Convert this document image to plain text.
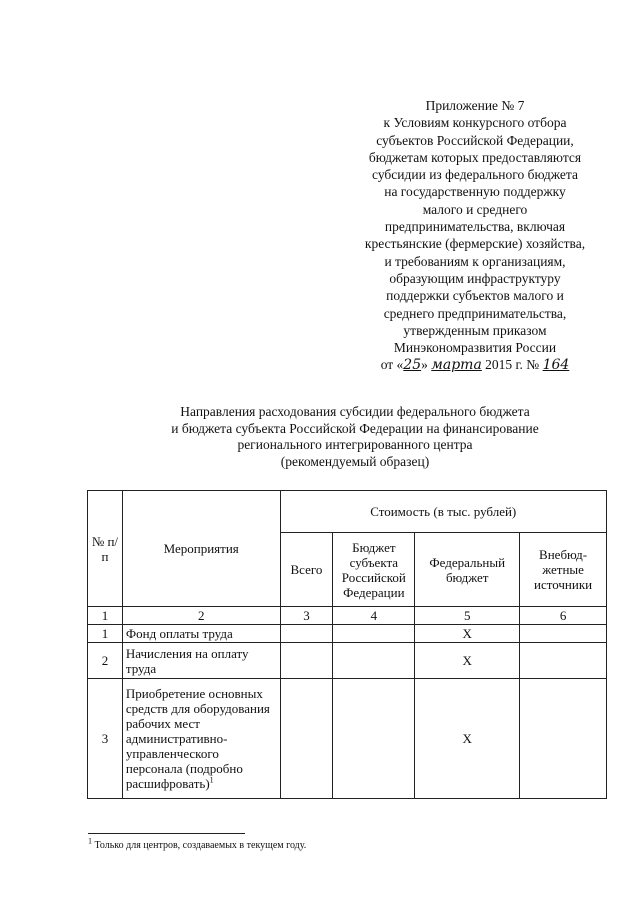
Приложение № 7
к Условиям конкурсного отбора
субъектов Российской Федерации,
бюджетам которых предоставляются
субсидии из федерального бюджета
на государственную поддержку
малого и среднего
предпринимательства, включая
крестьянские (фермерские) хозяйства,
и требованиям к организациям,
образующим инфраструктуру
поддержки субъектов малого и
среднего предпринимательства,
утвержденным приказом
Минэкономразвития России
от «25» марта 2015 г. № 164
Направления расходования субсидии федерального бюджета
и бюджета субъекта Российской Федерации на финансирование
регионального интегрированного центра
(рекомендуемый образец)
№ п/п	Мероприятия	Стоимость (в тыс. рублей)			
		Всего	Бюджет субъекта Российской Федерации	Федеральный бюджет	Внебюд-жетные источники
1	2	3	4	5	6
1	Фонд оплаты труда			X	
2	Начисления на оплату труда			X	
3	Приобретение основных средств для оборудования рабочих мест административно-управленческого персонала (подробно расшифровать)$^1$			X	
$^1$ Только для центров, создаваемых в текущем году.
